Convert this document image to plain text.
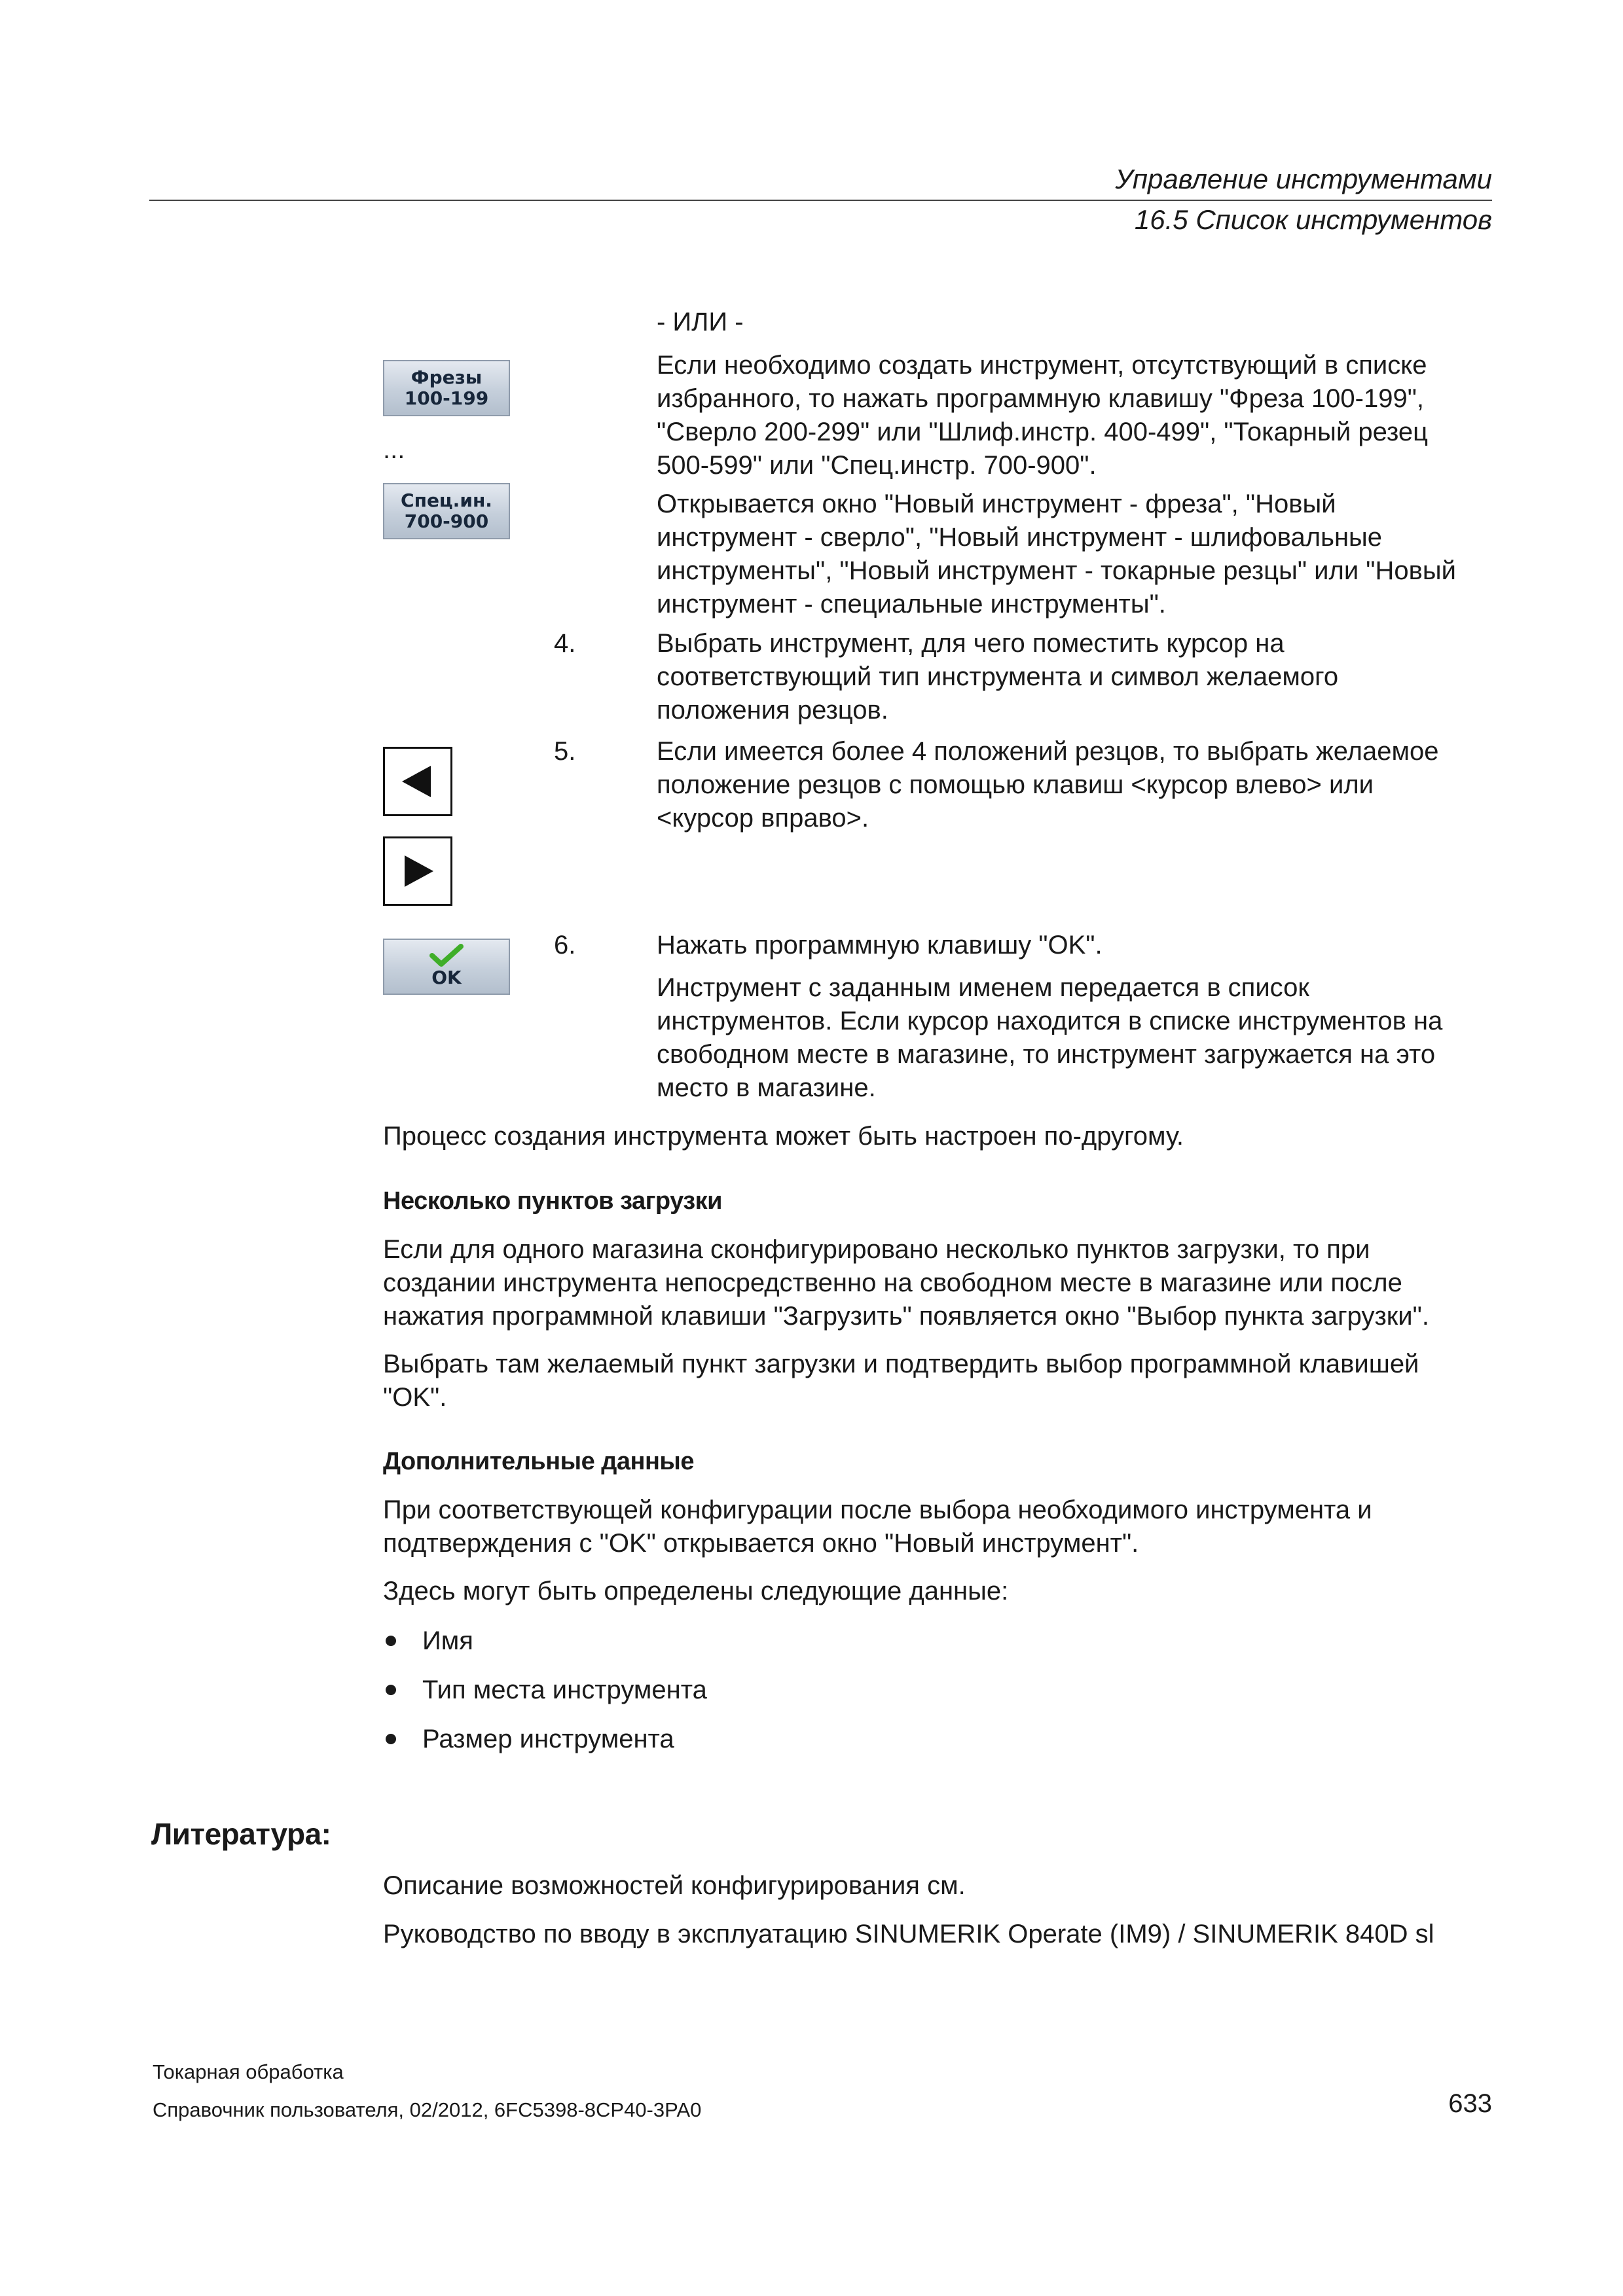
Управление инструментами
16.5 Список инструментов
Фрезы
100-199
...
Спец.ин.
700-900
OK
- ИЛИ -
Если необходимо создать инструмент, отсутствующий в списке
избранного, то нажать программную клавишу "Фреза 100-199",
"Сверло 200-299" или "Шлиф.инстр. 400-499", "Токарный резец
500-599" или "Спец.инстр. 700-900".
Открывается окно "Новый инструмент - фреза", "Новый
инструмент - сверло", "Новый инструмент - шлифовальные
инструменты", "Новый инструмент - токарные резцы" или "Новый
инструмент - специальные инструменты".
4.	Выбрать инструмент, для чего поместить курсор на
соответствующий тип инструмента и символ желаемого
положения резцов.
5.	Если имеется более 4 положений резцов, то выбрать желаемое
положение резцов с помощью клавиш <курсор влево> или
<курсор вправо>.
6.	Нажать программную клавишу "OK".
Инструмент с заданным именем передается в список
инструментов. Если курсор находится в списке инструментов на
свободном месте в магазине, то инструмент загружается на это
место в магазине.
Процесс создания инструмента может быть настроен по-другому.
Несколько пунктов загрузки
Если для одного магазина сконфигурировано несколько пунктов загрузки, то при
создании инструмента непосредственно на свободном месте в магазине или после
нажатия программной клавиши "Загрузить" появляется окно "Выбор пункта загрузки".
Выбрать там желаемый пункт загрузки и подтвердить выбор программной клавишей
"OK".
Дополнительные данные
При соответствующей конфигурации после выбора необходимого инструмента и
подтверждения с "OK" открывается окно "Новый инструмент".
Здесь могут быть определены следующие данные:
Имя
Тип места инструмента
Размер инструмента
Литература:
Описание возможностей конфигурирования см.
Руководство по вводу в эксплуатацию SINUMERIK Operate (IM9) / SINUMERIK 840D sl
Токарная обработка
Справочник пользователя, 02/2012, 6FC5398-8CP40-3PA0	633
